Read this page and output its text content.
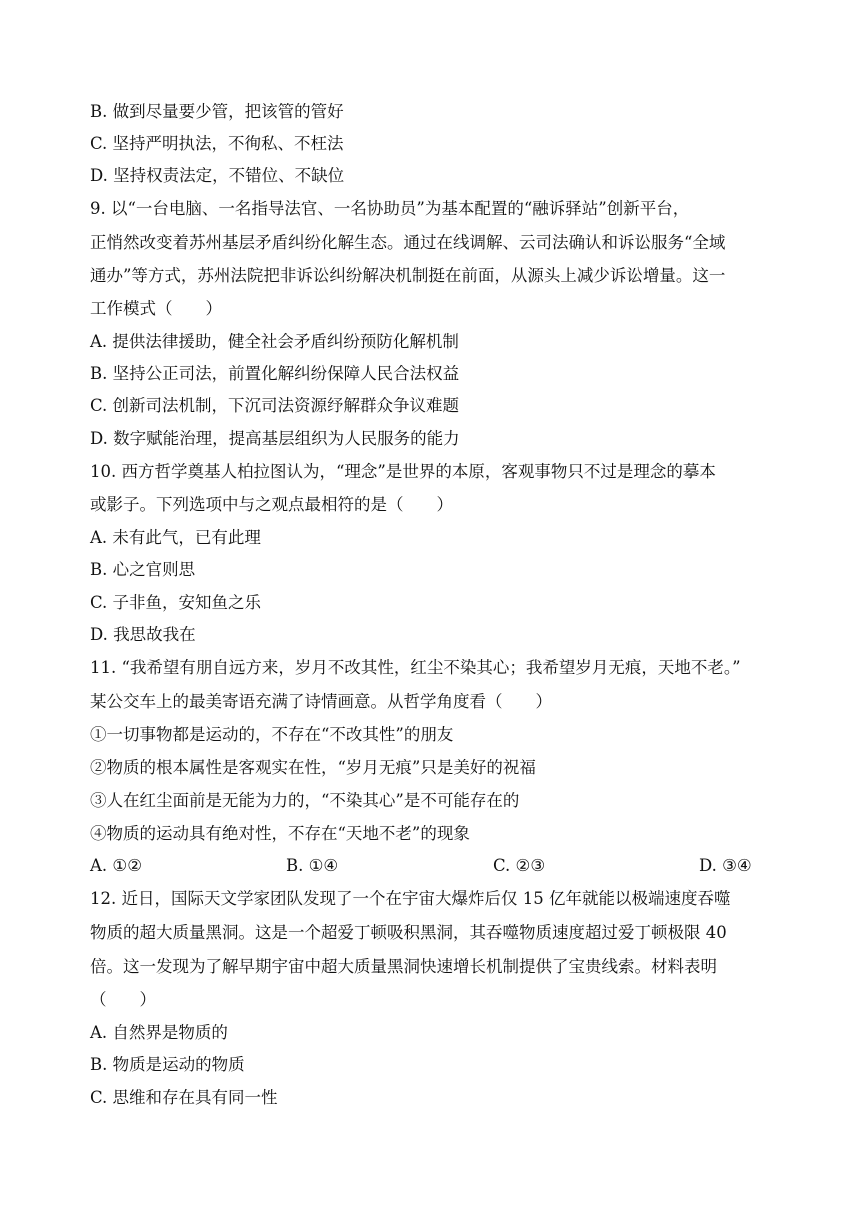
B. 做到尽量要少管，把该管的管好
C. 坚持严明执法，不徇私、不枉法
D. 坚持权责法定，不错位、不缺位
9. 以“一台电脑、一名指导法官、一名协助员”为基本配置的“融诉驿站”创新平台，
正悄然改变着苏州基层矛盾纠纷化解生态。通过在线调解、云司法确认和诉讼服务“全域
通办”等方式，苏州法院把非诉讼纠纷解决机制挺在前面，从源头上减少诉讼增量。这一
工作模式（　　）
A. 提供法律援助，健全社会矛盾纠纷预防化解机制
B. 坚持公正司法，前置化解纠纷保障人民合法权益
C. 创新司法机制，下沉司法资源纾解群众争议难题
D. 数字赋能治理，提高基层组织为人民服务的能力
10. 西方哲学奠基人柏拉图认为，“理念”是世界的本原，客观事物只不过是理念的摹本
或影子。下列选项中与之观点最相符的是（　　）
A. 未有此气，已有此理
B. 心之官则思
C. 子非鱼，安知鱼之乐
D. 我思故我在
11. “我希望有朋自远方来，岁月不改其性，红尘不染其心；我希望岁月无痕，天地不老。”
某公交车上的最美寄语充满了诗情画意。从哲学角度看（　　）
①一切事物都是运动的，不存在“不改其性”的朋友
②物质的根本属性是客观实在性，“岁月无痕”只是美好的祝福
③人在红尘面前是无能为力的，“不染其心”是不可能存在的
④物质的运动具有绝对性，不存在“天地不老”的现象
A. ①②	B. ①④	C. ②③	D. ③④
12. 近日，国际天文学家团队发现了一个在宇宙大爆炸后仅 15 亿年就能以极端速度吞噬
物质的超大质量黑洞。这是一个超爱丁顿吸积黑洞，其吞噬物质速度超过爱丁顿极限 40
倍。这一发现为了解早期宇宙中超大质量黑洞快速增长机制提供了宝贵线索。材料表明
（　　）
A. 自然界是物质的
B. 物质是运动的物质
C. 思维和存在具有同一性
